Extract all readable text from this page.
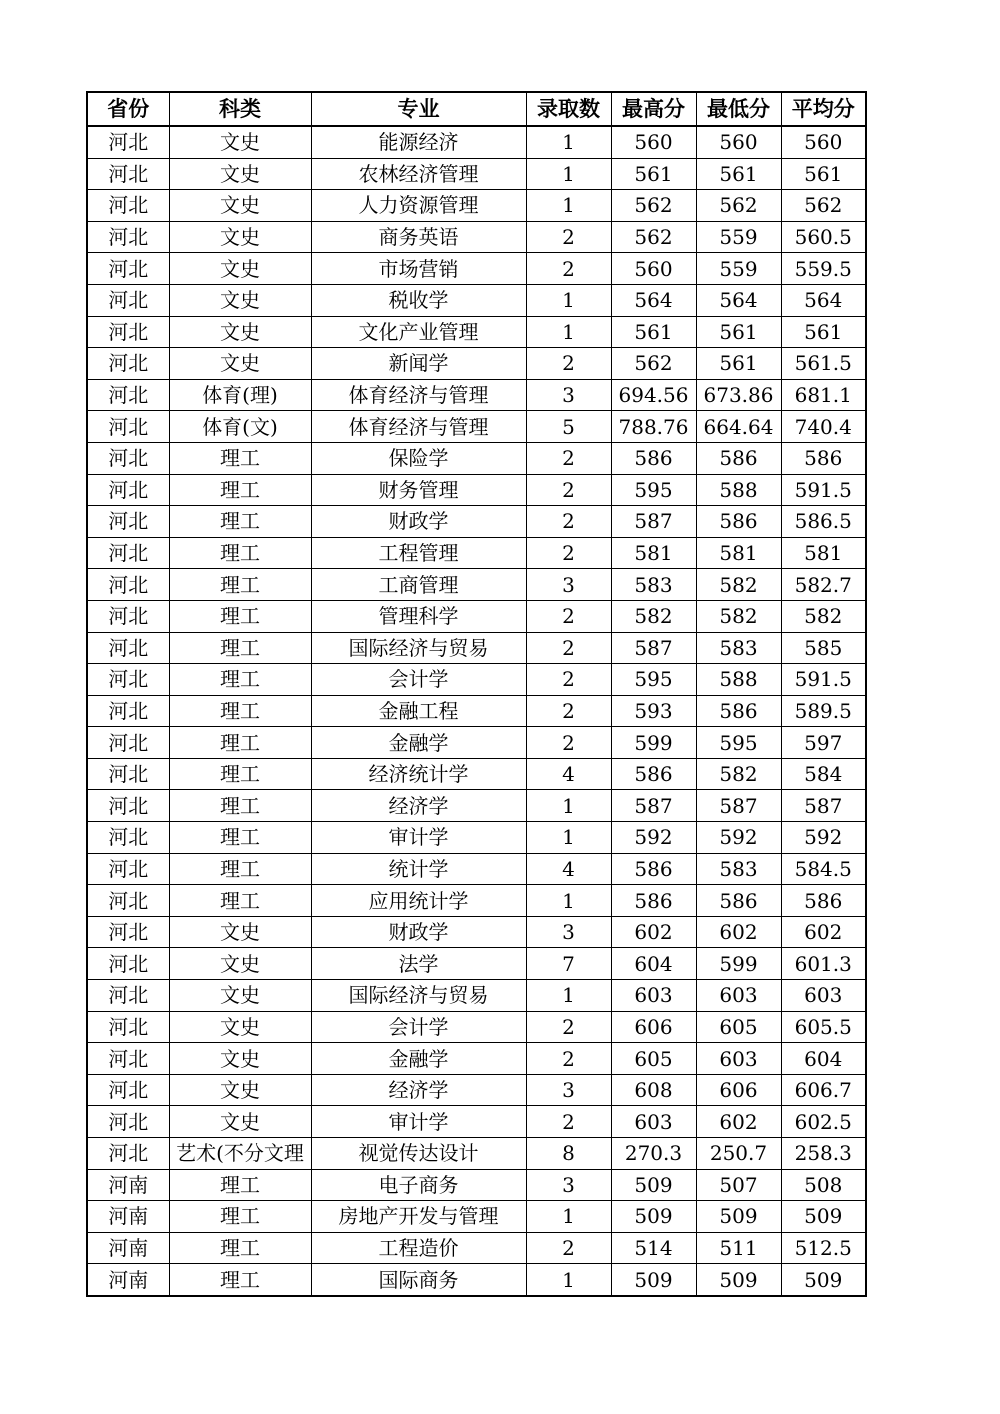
省份	科类	专业	录取数	最高分	最低分	平均分
河北	文史	能源经济	1	560	560	560
河北	文史	农林经济管理	1	561	561	561
河北	文史	人力资源管理	1	562	562	562
河北	文史	商务英语	2	562	559	560.5
河北	文史	市场营销	2	560	559	559.5
河北	文史	税收学	1	564	564	564
河北	文史	文化产业管理	1	561	561	561
河北	文史	新闻学	2	562	561	561.5
河北	体育(理)	体育经济与管理	3	694.56	673.86	681.1
河北	体育(文)	体育经济与管理	5	788.76	664.64	740.4
河北	理工	保险学	2	586	586	586
河北	理工	财务管理	2	595	588	591.5
河北	理工	财政学	2	587	586	586.5
河北	理工	工程管理	2	581	581	581
河北	理工	工商管理	3	583	582	582.7
河北	理工	管理科学	2	582	582	582
河北	理工	国际经济与贸易	2	587	583	585
河北	理工	会计学	2	595	588	591.5
河北	理工	金融工程	2	593	586	589.5
河北	理工	金融学	2	599	595	597
河北	理工	经济统计学	4	586	582	584
河北	理工	经济学	1	587	587	587
河北	理工	审计学	1	592	592	592
河北	理工	统计学	4	586	583	584.5
河北	理工	应用统计学	1	586	586	586
河北	文史	财政学	3	602	602	602
河北	文史	法学	7	604	599	601.3
河北	文史	国际经济与贸易	1	603	603	603
河北	文史	会计学	2	606	605	605.5
河北	文史	金融学	2	605	603	604
河北	文史	经济学	3	608	606	606.7
河北	文史	审计学	2	603	602	602.5
河北	艺术(不分文理	视觉传达设计	8	270.3	250.7	258.3
河南	理工	电子商务	3	509	507	508
河南	理工	房地产开发与管理	1	509	509	509
河南	理工	工程造价	2	514	511	512.5
河南	理工	国际商务	1	509	509	509
